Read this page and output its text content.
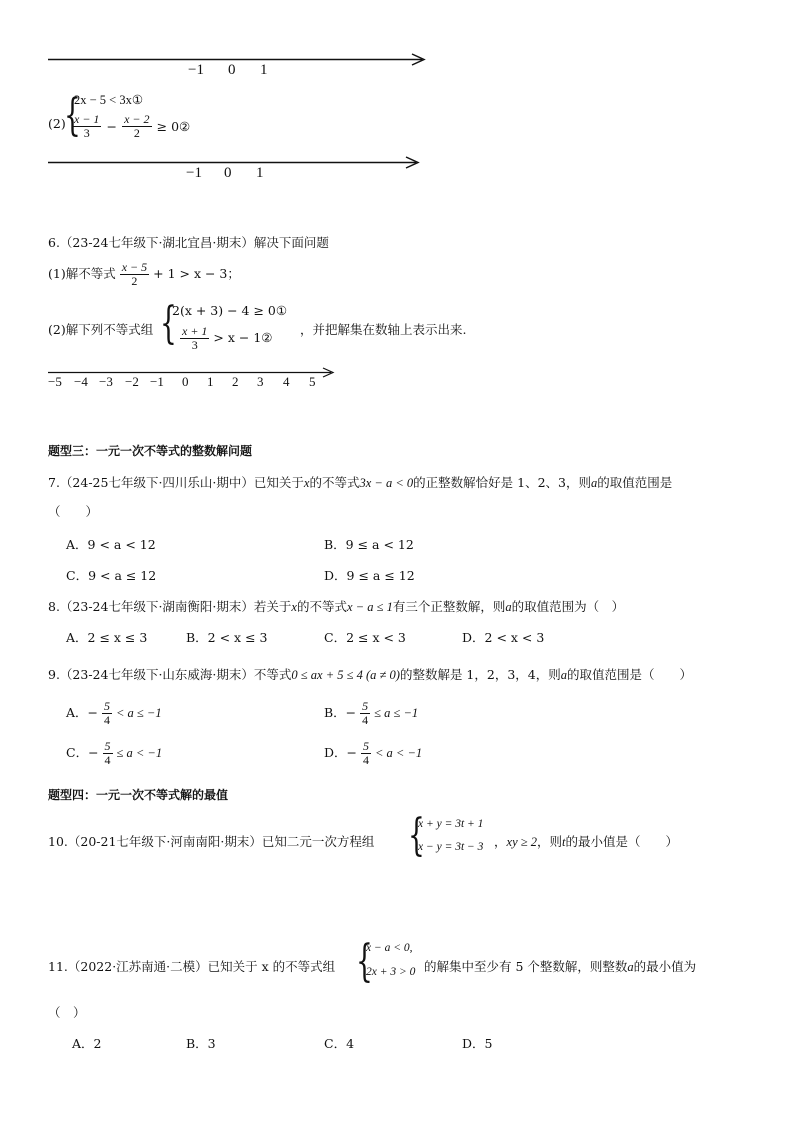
−1 0 1
(2)
{
2x − 5 < 3x①
$\frac{x - 1}{3} - \frac{x - 2}{2}$ ≥ 0②
−1 0 1
6.（23-24七年级下·湖北宜昌·期末）解决下面问题
(1)解不等式 $\frac{x - 5}{2} + 1 > x - 3$；
(2)解下列不等式组 {
2(x + 3) − 4 ≥ 0①
$\frac{x + 1}{3} > x$ − 1②
，并把解集在数轴上表示出来.
−5 −4 −3 −2 −1 0 1 2 3 4 5
题型三：一元一次不等式的整数解问题
7.（24-25七年级下·四川乐山·期中）已知关于x的不等式3x − a < 0的正整数解恰好是 1、2、3，则a的取值范围是
（　　）
A．9 < a < 12	B．9 ≤ a < 12
C．9 < a ≤ 12	D．9 ≤ a ≤ 12
8.（23-24七年级下·湖南衡阳·期末）若关于x的不等式x − a ≤ 1有三个正整数解，则a的取值范围为（　）
A．2 ≤ x ≤ 3	B．2 < x ≤ 3	C．2 ≤ x < 3	D．2 < x < 3
9.（23-24七年级下·山东威海·期末）不等式0 ≤ ax + 5 ≤ 4 (a ≠ 0)的整数解是 1，2，3，4，则a的取值范围是（　　）
A．− $\frac{5}{4} < a \le -1$	B．− $\frac{5}{4} \le a \le -1$
C．− $\frac{5}{4} \le a < -1$	D．− $\frac{5}{4} < a < -1$
题型四：一元一次不等式解的最值
10.（20-21七年级下·河南南阳·期末）已知二元一次方程组 {
x + y = 3t + 1
x − y = 3t − 3 ，xy ≥ 2，则t的最小值是（　　）
11.（2022·江苏南通·二模）已知关于 x 的不等式组 {
x − a < 0,
2x + 3 > 0 的解集中至少有 5 个整数解，则整数a的最小值为
（　）
A．2	B．3	C．4	D．5
